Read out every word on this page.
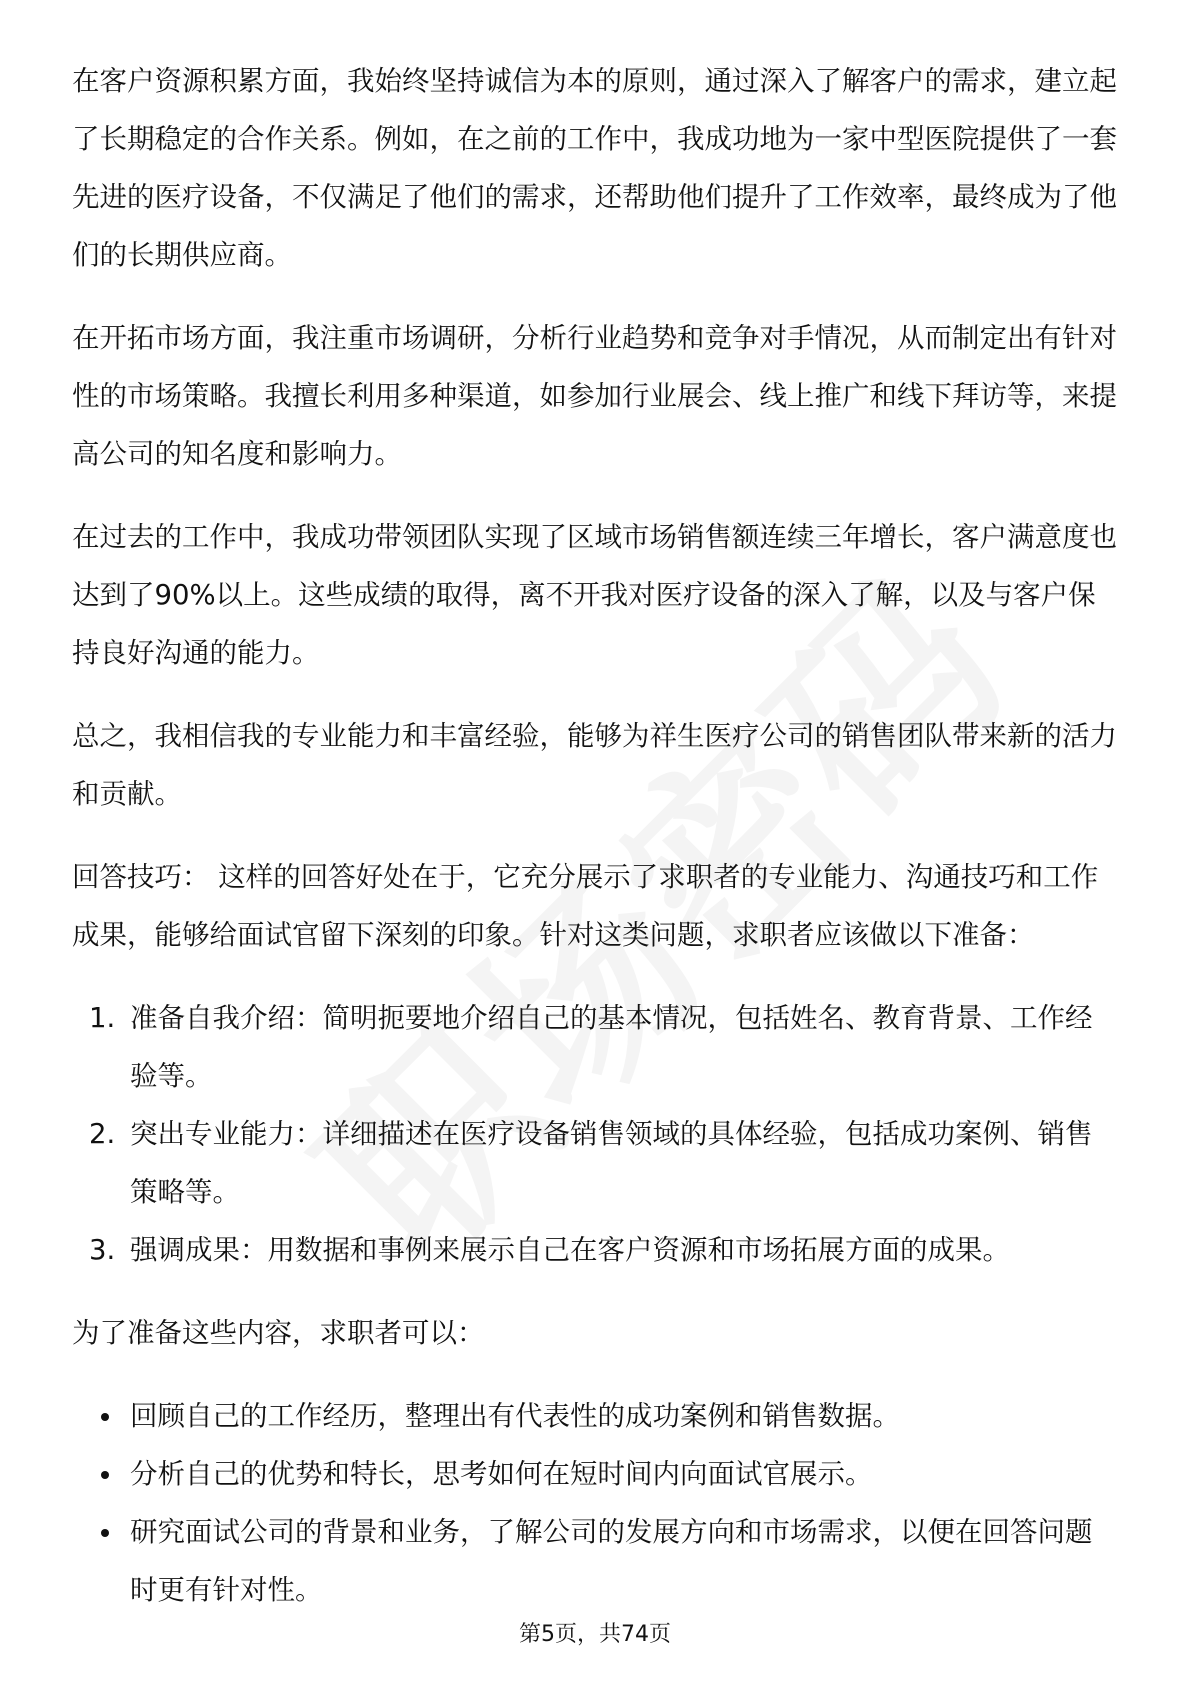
在客户资源积累方面，我始终坚持诚信为本的原则，通过深入了解客户的需求，建立起了长期稳定的合作关系。例如，在之前的工作中，我成功地为一家中型医院提供了一套先进的医疗设备，不仅满足了他们的需求，还帮助他们提升了工作效率，最终成为了他们的长期供应商。

在开拓市场方面，我注重市场调研，分析行业趋势和竞争对手情况，从而制定出有针对性的市场策略。我擅长利用多种渠道，如参加行业展会、线上推广和线下拜访等，来提高公司的知名度和影响力。

在过去的工作中，我成功带领团队实现了区域市场销售额连续三年增长，客户满意度也达到了90%以上。这些成绩的取得，离不开我对医疗设备的深入了解，以及与客户保持良好沟通的能力。

总之，我相信我的专业能力和丰富经验，能够为祥生医疗公司的销售团队带来新的活力和贡献。

回答技巧： 这样的回答好处在于，它充分展示了求职者的专业能力、沟通技巧和工作成果，能够给面试官留下深刻的印象。针对这类问题，求职者应该做以下准备：

1. 准备自我介绍：简明扼要地介绍自己的基本情况，包括姓名、教育背景、工作经验等。
2. 突出专业能力：详细描述在医疗设备销售领域的具体经验，包括成功案例、销售策略等。
3. 强调成果：用数据和事例来展示自己在客户资源和市场拓展方面的成果。

为了准备这些内容，求职者可以：

• 回顾自己的工作经历，整理出有代表性的成功案例和销售数据。
• 分析自己的优势和特长，思考如何在短时间内向面试官展示。
• 研究面试公司的背景和业务，了解公司的发展方向和市场需求，以便在回答问题时更有针对性。
第5页，共74页
